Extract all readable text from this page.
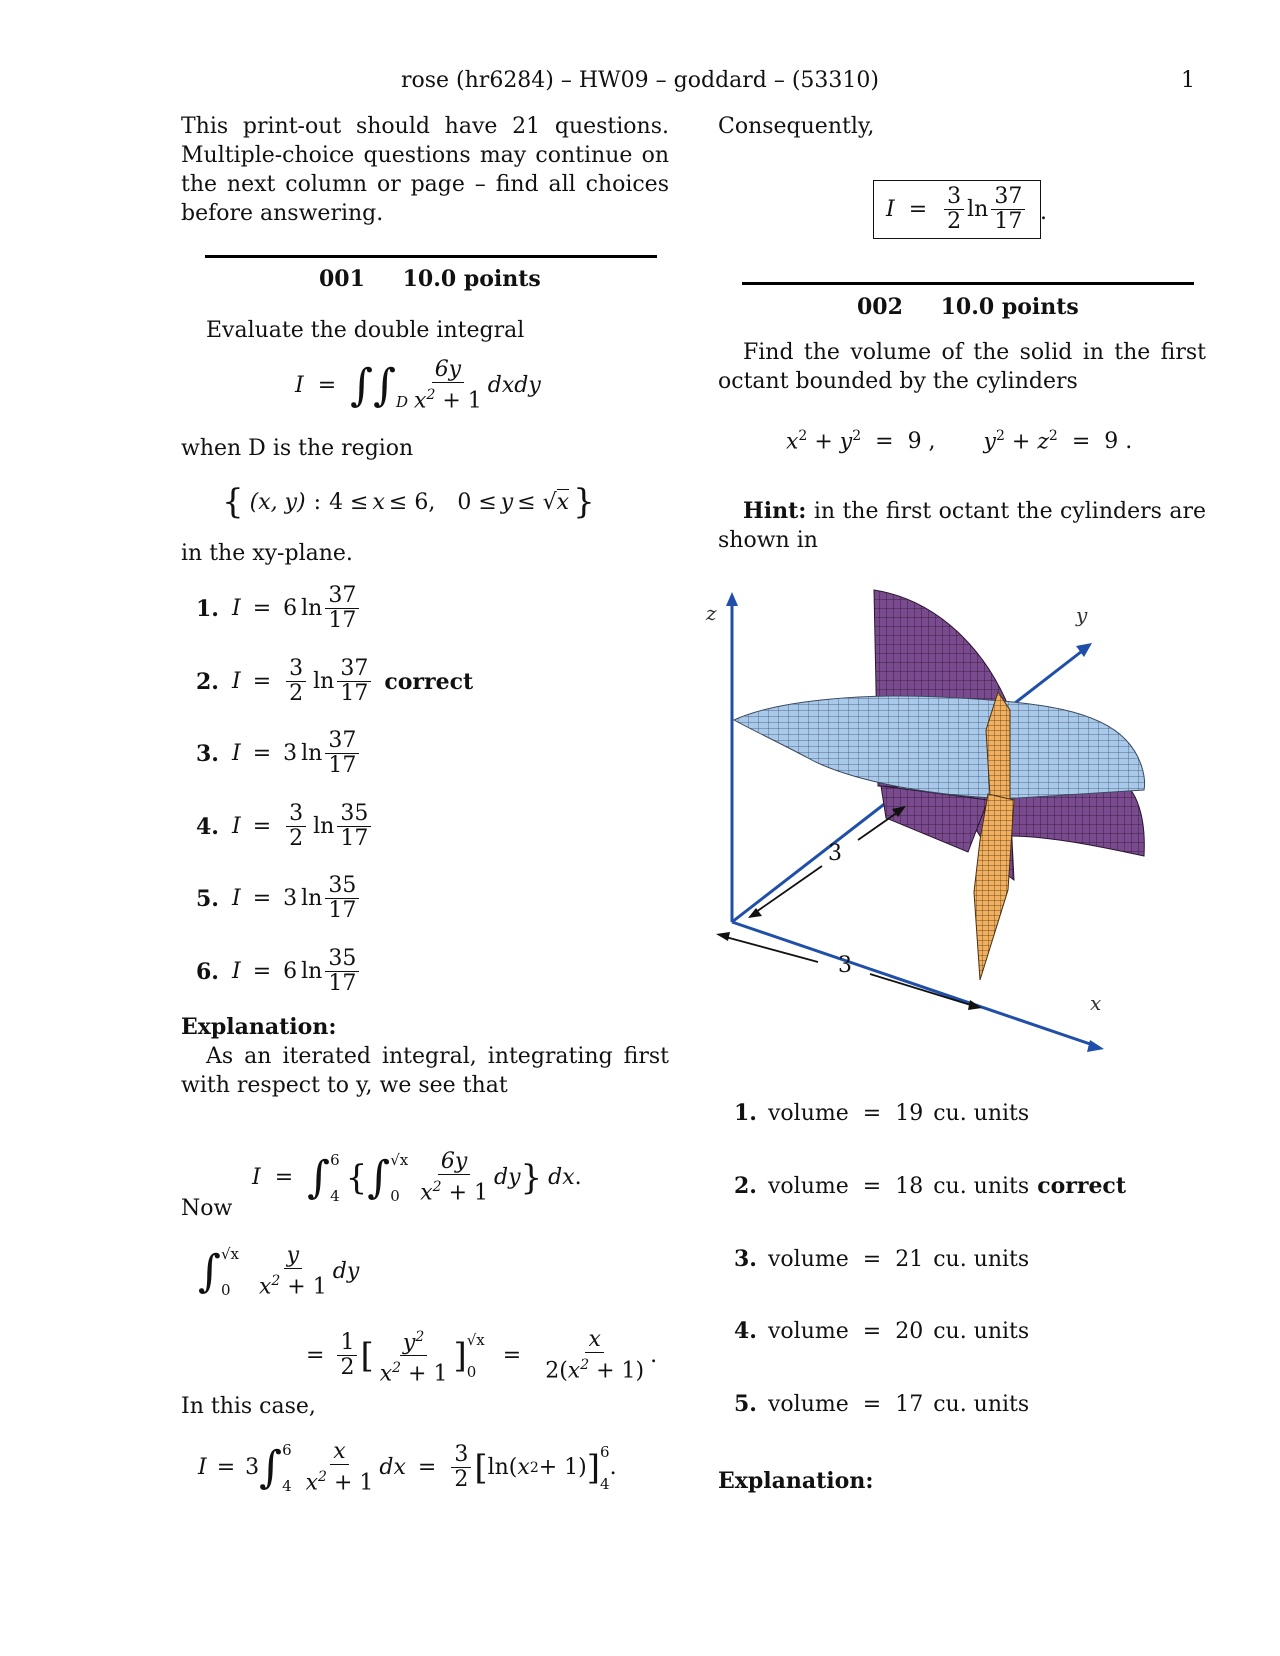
rose (hr6284) – HW09 – goddard – (53310)	1
This print-out should have 21 questions. Multiple-choice questions may continue on the next column or page – find all choices before answering.
001 10.0 points
Evaluate the double integral
I = ∫∫ D $\frac{6y}{x^2 + 1}$ dxdy
when D is the region
{ (x, y) : 4 ≤ x ≤ 6, 0 ≤ y ≤ √ x }
in the xy-plane.
1. I = 6 $\ln \frac{37}{17}$
2. $I = \frac{3}{2}$ $\ln \frac{37}{17}$ correct
3. I = 3 $\ln \frac{37}{17}$
4. $I = \frac{3}{2}$ $\ln \frac{35}{17}$
5. I = 3 $\ln \frac{35}{17}$
6. I = 6 $\ln \frac{35}{17}$
Explanation:
As an iterated integral, integrating first with respect to y, we see that
I = ∫ 6
4 { ∫ √x
$0 \frac{6y}{x^2 + 1}$ dy } dx .
Now
∫ √x
0	$\frac{y}{x^2 + 1}$ dy
= $\frac{1}{2}$ [ $\frac{y^2}{x^2 + 1}$ ] √x
0
= $\frac{x}{2(x^2 + 1)}$ .
In this case,
I = 3 ∫ 6
$4 \frac{x}{x^2 + 1}$ dx = $\frac{3}{2}$ [ ln( x 2 + 1) ] 6
4
.
Consequently,
$I = \frac{3}{2}$ $\ln \frac{37}{17}$ .
002 10.0 points
Find the volume of the solid in the first octant bounded by the cylinders
$x^2 + y^2 = 9$ , $y^2 + z^2 = 9$ .
Hint: in the first octant the cylinders are shown in
3
3
z	y
x
1. volume = 19 cu. units
2. volume = 18 cu. units correct
3. volume = 21 cu. units
4. volume = 20 cu. units
5. volume = 17 cu. units
Explanation:
